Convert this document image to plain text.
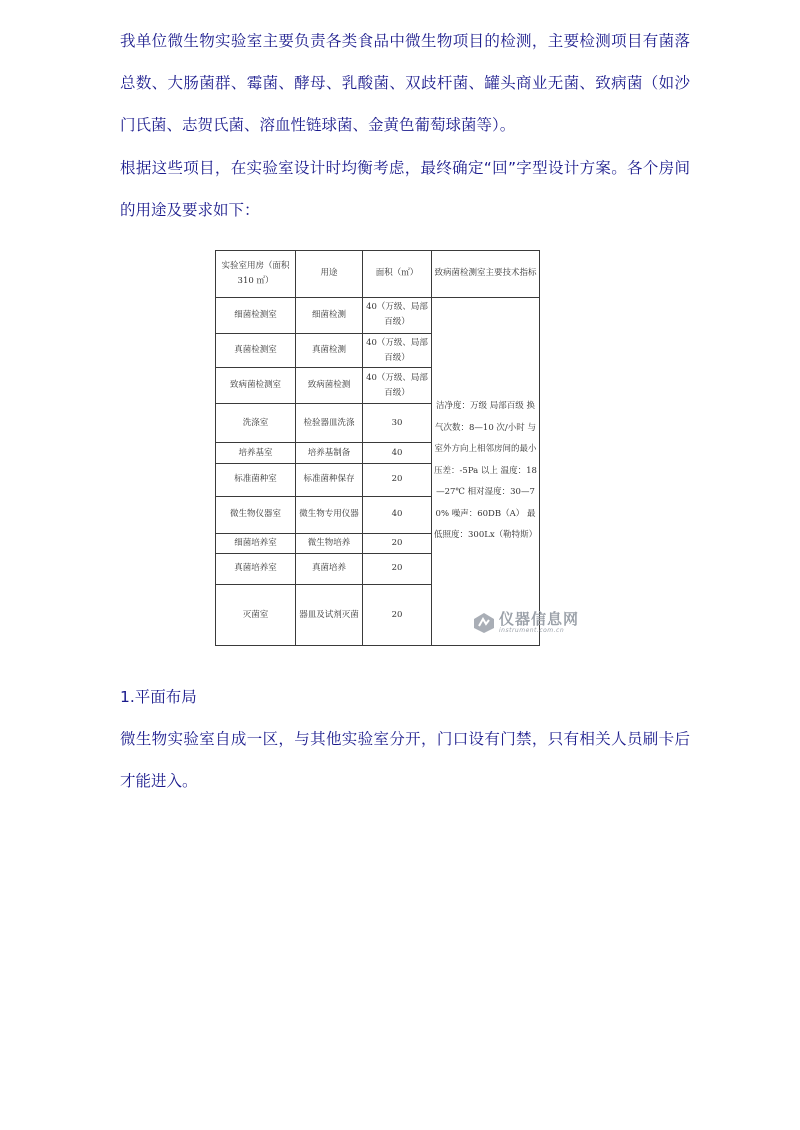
我单位微生物实验室主要负责各类食品中微生物项目的检测，主要检测项目有菌落总数、大肠菌群、霉菌、酵母、乳酸菌、双歧杆菌、罐头商业无菌、致病菌（如沙门氏菌、志贺氏菌、溶血性链球菌、金黄色葡萄球菌等）。

根据这些项目，在实验室设计时均衡考虑，最终确定“回”字型设计方案。各个房间的用途及要求如下：

实验室用房（面积 310 ㎡）	用途	面积（㎡）	致病菌检测室主要技术指标
细菌检测室	细菌检测	40（万级、局部百级）	洁净度：万级 局部百级 换气次数：8—10 次/小时 与室外方向上相邻房间的最小压差：-5Pa 以上 温度：18—27℃ 相对湿度：30—70% 噪声：60DB（A） 最低照度：300Lx（勒特斯）
真菌检测室	真菌检测	40（万级、局部百级）	
致病菌检测室	致病菌检测	40（万级、局部百级）	
洗涤室	检验器皿洗涤	30	
培养基室	培养基制备	40	
标准菌种室	标准菌种保存	20	
微生物仪器室	微生物专用仪器	40	
细菌培养室	微生物培养	20	
真菌培养室	真菌培养	20	
灭菌室	器皿及试剂灭菌	20		仪器信息网
instrument.com.cn

1.平面布局

微生物实验室自成一区，与其他实验室分开，门口设有门禁，只有相关人员刷卡后才能进入。
